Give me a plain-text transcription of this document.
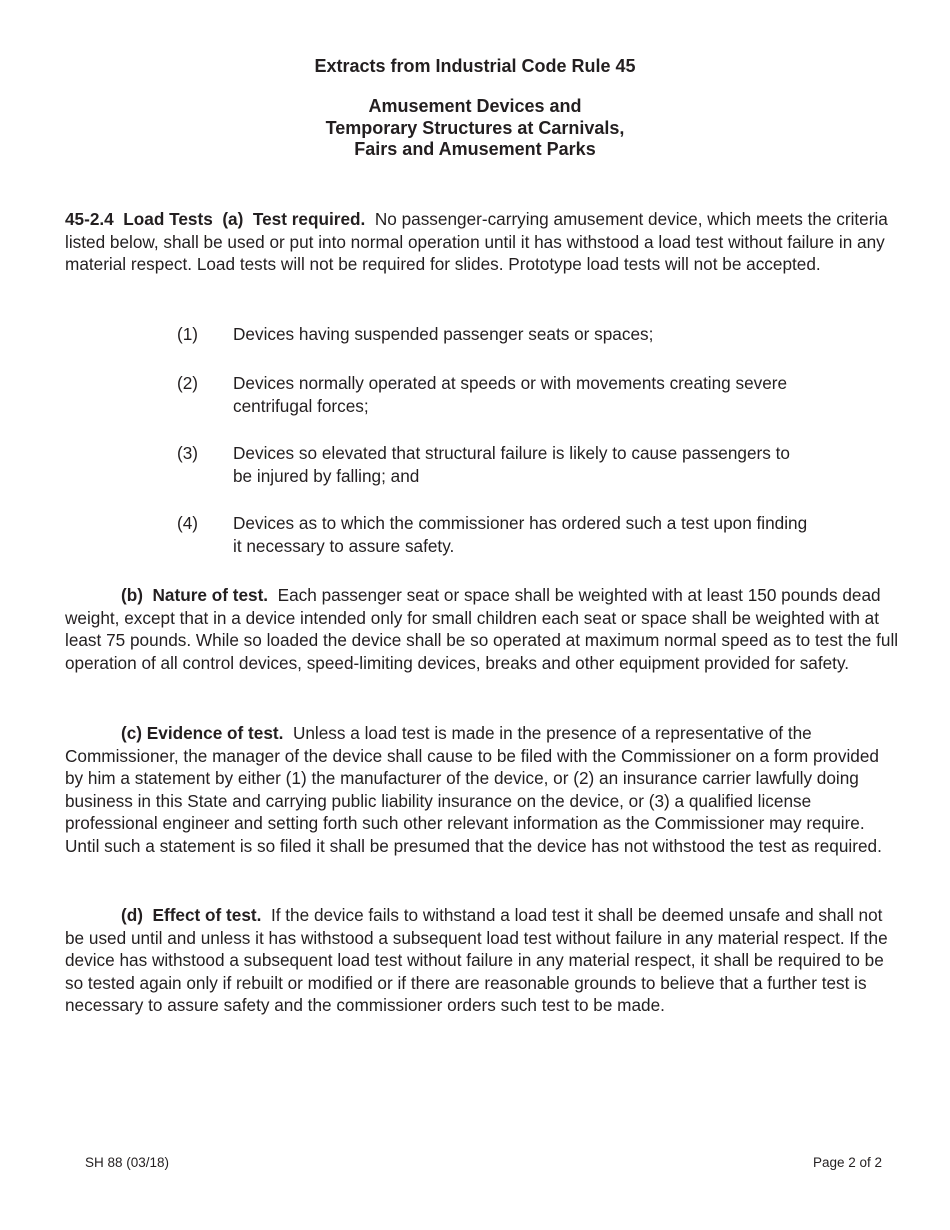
Extracts from Industrial Code Rule 45
Amusement Devices and
Temporary Structures at Carnivals,
Fairs and Amusement Parks
45-2.4 Load Tests (a) Test required. No passenger-carrying amusement device, which meets the criteria listed below, shall be used or put into normal operation until it has withstood a load test without failure in any material respect. Load tests will not be required for slides. Prototype load tests will not be accepted.
(1) Devices having suspended passenger seats or spaces;
(2) Devices normally operated at speeds or with movements creating severe centrifugal forces;
(3) Devices so elevated that structural failure is likely to cause passengers to be injured by falling; and
(4) Devices as to which the commissioner has ordered such a test upon finding it necessary to assure safety.
(b) Nature of test. Each passenger seat or space shall be weighted with at least 150 pounds dead weight, except that in a device intended only for small children each seat or space shall be weighted with at least 75 pounds. While so loaded the device shall be so operated at maximum normal speed as to test the full operation of all control devices, speed-limiting devices, breaks and other equipment provided for safety.
(c) Evidence of test. Unless a load test is made in the presence of a representative of the Commissioner, the manager of the device shall cause to be filed with the Commissioner on a form provided by him a statement by either (1) the manufacturer of the device, or (2) an insurance carrier lawfully doing business in this State and carrying public liability insurance on the device, or (3) a qualified license professional engineer and setting forth such other relevant information as the Commissioner may require. Until such a statement is so filed it shall be presumed that the device has not withstood the test as required.
(d) Effect of test. If the device fails to withstand a load test it shall be deemed unsafe and shall not be used until and unless it has withstood a subsequent load test without failure in any material respect. If the device has withstood a subsequent load test without failure in any material respect, it shall be required to be so tested again only if rebuilt or modified or if there are reasonable grounds to believe that a further test is necessary to assure safety and the commissioner orders such test to be made.
SH 88 (03/18)	Page 2 of 2
